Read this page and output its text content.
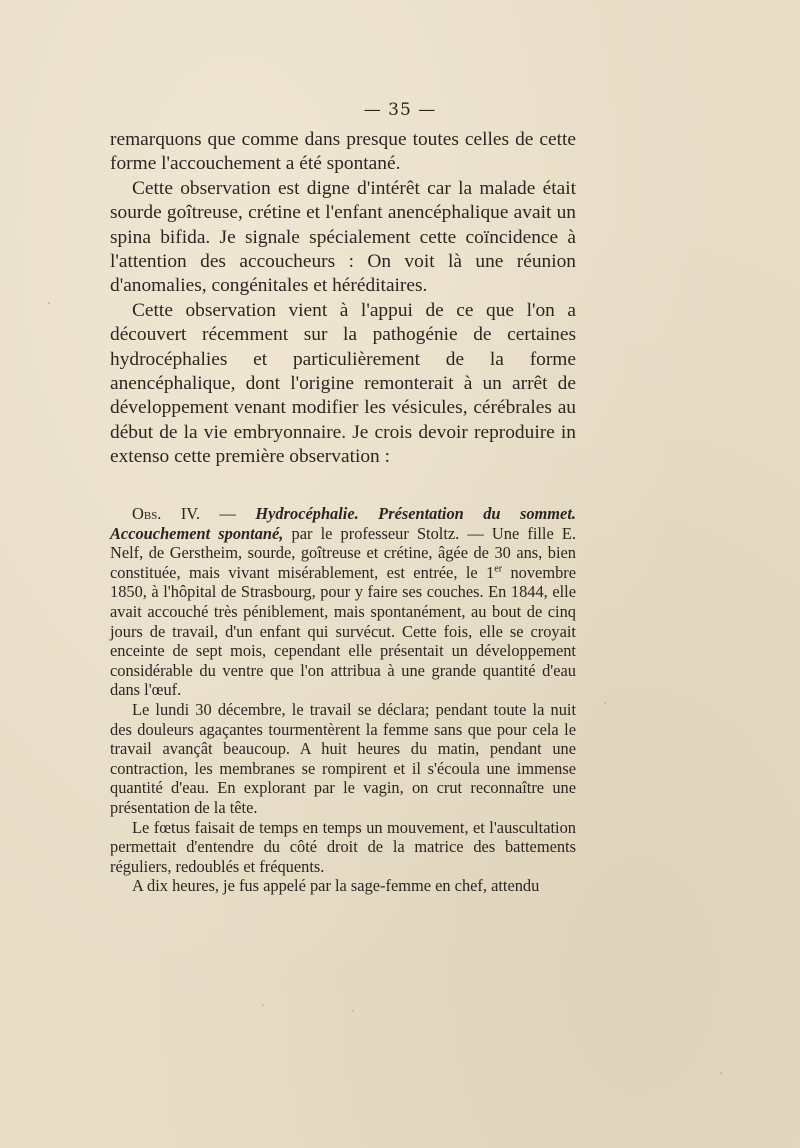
— 35 —

remarquons que comme dans presque toutes celles de cette forme l'accouchement a été spontané.

Cette observation est digne d'intérêt car la malade était sourde goîtreuse, crétine et l'enfant anencéphalique avait un spina bifida. Je signale spécialement cette coïncidence à l'attention des accoucheurs : On voit là une réunion d'anomalies, congénitales et héréditaires.

Cette observation vient à l'appui de ce que l'on a découvert récemment sur la pathogénie de certaines hydrocéphalies et particulièrement de la forme anencéphalique, dont l'origine remonterait à un arrêt de développement venant modifier les vésicules, cérébrales au début de la vie embryonnaire. Je crois devoir reproduire in extenso cette première observation :

Obs. IV. — Hydrocéphalie. Présentation du sommet. Accouchement spontané, par le professeur Stoltz. — Une fille E. Nelf, de Gerstheim, sourde, goîtreuse et crétine, âgée de 30 ans, bien constituée, mais vivant misérablement, est entrée, le 1er novembre 1850, à l'hôpital de Strasbourg, pour y faire ses couches. En 1844, elle avait accouché très péniblement, mais spontanément, au bout de cinq jours de travail, d'un enfant qui survécut. Cette fois, elle se croyait enceinte de sept mois, cependant elle présentait un développement considérable du ventre que l'on attribua à une grande quantité d'eau dans l'œuf.

Le lundi 30 décembre, le travail se déclara; pendant toute la nuit des douleurs agaçantes tourmentèrent la femme sans que pour cela le travail avançât beaucoup. A huit heures du matin, pendant une contraction, les membranes se rompirent et il s'écoula une immense quantité d'eau. En explorant par le vagin, on crut reconnaître une présentation de la tête.

Le fœtus faisait de temps en temps un mouvement, et l'auscultation permettait d'entendre du côté droit de la matrice des battements réguliers, redoublés et fréquents.

A dix heures, je fus appelé par la sage-femme en chef, attendu
